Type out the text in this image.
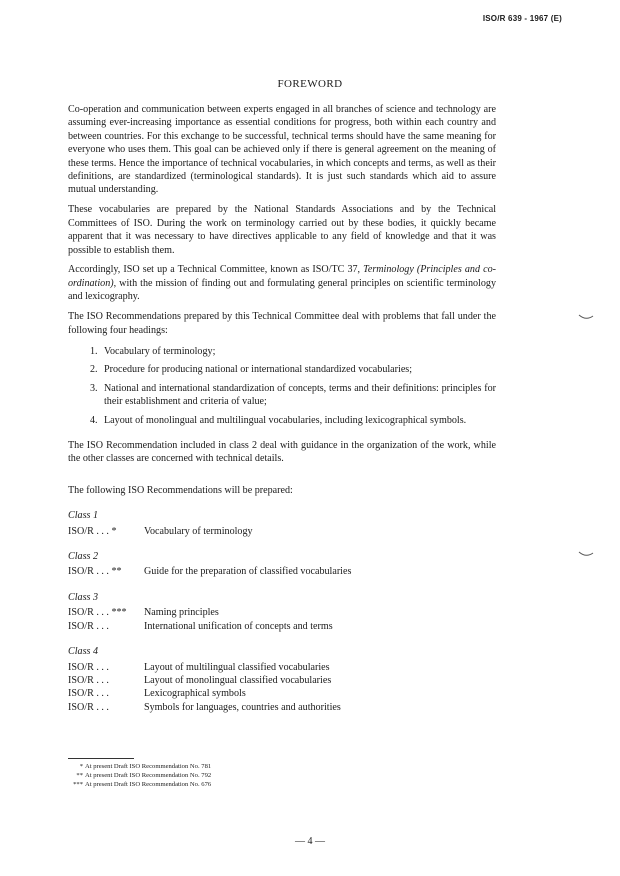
ISO/R 639 - 1967 (E)
FOREWORD

Co-operation and communication between experts engaged in all branches of science and technology are assuming ever-increasing importance as essential conditions for progress, both within each country and between countries. For this exchange to be successful, technical terms should have the same meaning for everyone who uses them. This goal can be achieved only if there is general agreement on the meaning of these terms. Hence the importance of technical vocabularies, in which concepts and terms, as well as their definitions, are standardized (terminological standards). It is just such standards which aid to assure mutual understanding.

These vocabularies are prepared by the National Standards Associations and by the Technical Committees of ISO. During the work on terminology carried out by these bodies, it quickly became apparent that it was necessary to have directives applicable to any field of knowledge and that it was possible to establish them.

Accordingly, ISO set up a Technical Committee, known as ISO/TC 37, Terminology (Principles and co-ordination), with the mission of finding out and formulating general principles on scientific terminology and lexicography.

The ISO Recommendations prepared by this Technical Committee deal with problems that fall under the following four headings:

1. Vocabulary of terminology;
2. Procedure for producing national or international standardized vocabularies;
3. National and international standardization of concepts, terms and their definitions: principles for their establishment and criteria of value;
4. Layout of monolingual and multilingual vocabularies, including lexicographical symbols.

The ISO Recommendation included in class 2 deal with guidance in the organization of the work, while the other classes are concerned with technical details.

The following ISO Recommendations will be prepared:

Class 1
ISO/R . . . *	Vocabulary of terminology
Class 2
ISO/R . . . **	Guide for the preparation of classified vocabularies
Class 3
ISO/R . . . ***	Naming principles
ISO/R . . .	International unification of concepts and terms
Class 4
ISO/R . . .	Layout of multilingual classified vocabularies
ISO/R . . .	Layout of monolingual classified vocabularies
ISO/R . . .	Lexicographical symbols
ISO/R . . .	Symbols for languages, countries and authorities
* At present Draft ISO Recommendation No. 781
** At present Draft ISO Recommendation No. 792
*** At present Draft ISO Recommendation No. 676
— 4 —
